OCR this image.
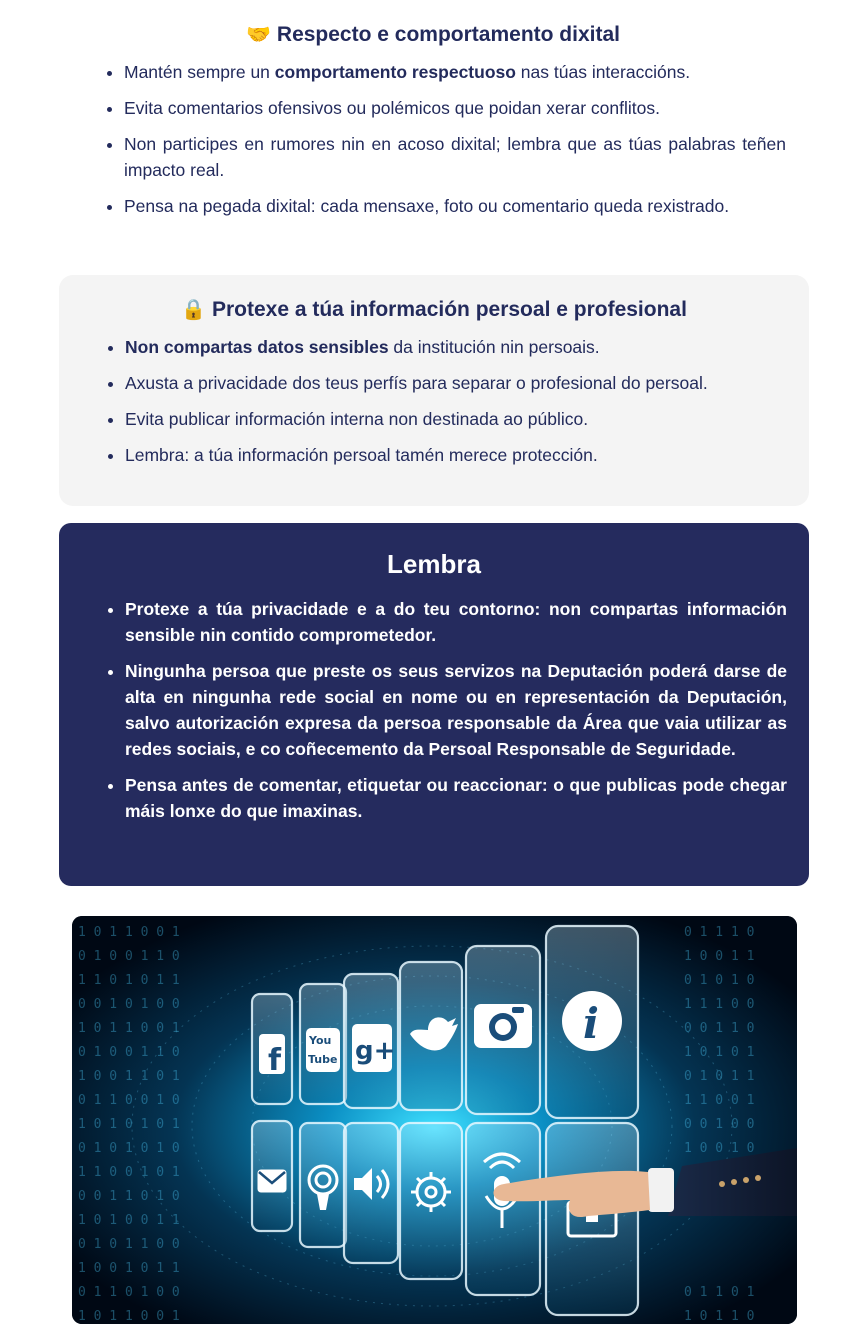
🤝 Respecto e comportamento dixital
• Mantén sempre un comportamento respectuoso nas túas interaccións.
• Evita comentarios ofensivos ou polémicos que poidan xerar conflitos.
• Non participes en rumores nin en acoso dixital; lembra que as túas palabras teñen impacto real.
• Pensa na pegada dixital: cada mensaxe, foto ou comentario queda rexistrado.
🔒 Protexe a túa información persoal e profesional
• Non compartas datos sensibles da institución nin persoais.
• Axusta a privacidade dos teus perfís para separar o profesional do persoal.
• Evita publicar información interna non destinada ao público.
• Lembra: a túa información persoal tamén merece protección.
Lembra
• Protexe a túa privacidade e a do teu contorno: non compartas información sensible nin contido comprometedor.
• Ningunha persoa que preste os seus servizos na Deputación poderá darse de alta en ningunha rede social en nome ou en representación da Deputación, salvo autorización expresa da persoa responsable da Área que vaia utilizar as redes sociais, e co coñecemento da Persoal Responsable de Seguridade.
• Pensa antes de comentar, etiquetar ou reaccionar: o que publicas pode chegar máis lonxe do que imaxinas.
1 0 1 1 0 0 1
0 1 0 0 1 1 0
1 1 0 1 0 1 1
0 0 1 0 1 0 0
1 0 1 1 0 0 1
0 1 0 0 1 1 0
1 0 0 1 1 0 1
0 1 1 0 0 1 0
1 0 1 0 1 0 1
0 1 0 1 0 1 0
1 1 0 0 1 0 1
0 0 1 1 0 1 0
1 0 1 0 0 1 1
0 1 0 1 1 0 0
1 0 0 1 0 1 1
0 1 1 0 1 0 0
1 0 1 1 0 0 1
0 1 1 1 0
1 0 0 1 1
0 1 0 1 0
1 1 1 0 0
0 0 1 1 0
1 0 1 0 1
0 1 0 1 1
1 1 0 0 1
0 0 1 0 0
1 0 0 1 0
0 1 1 0 1
1 0 1 1 0
f
You
Tube g+
i
